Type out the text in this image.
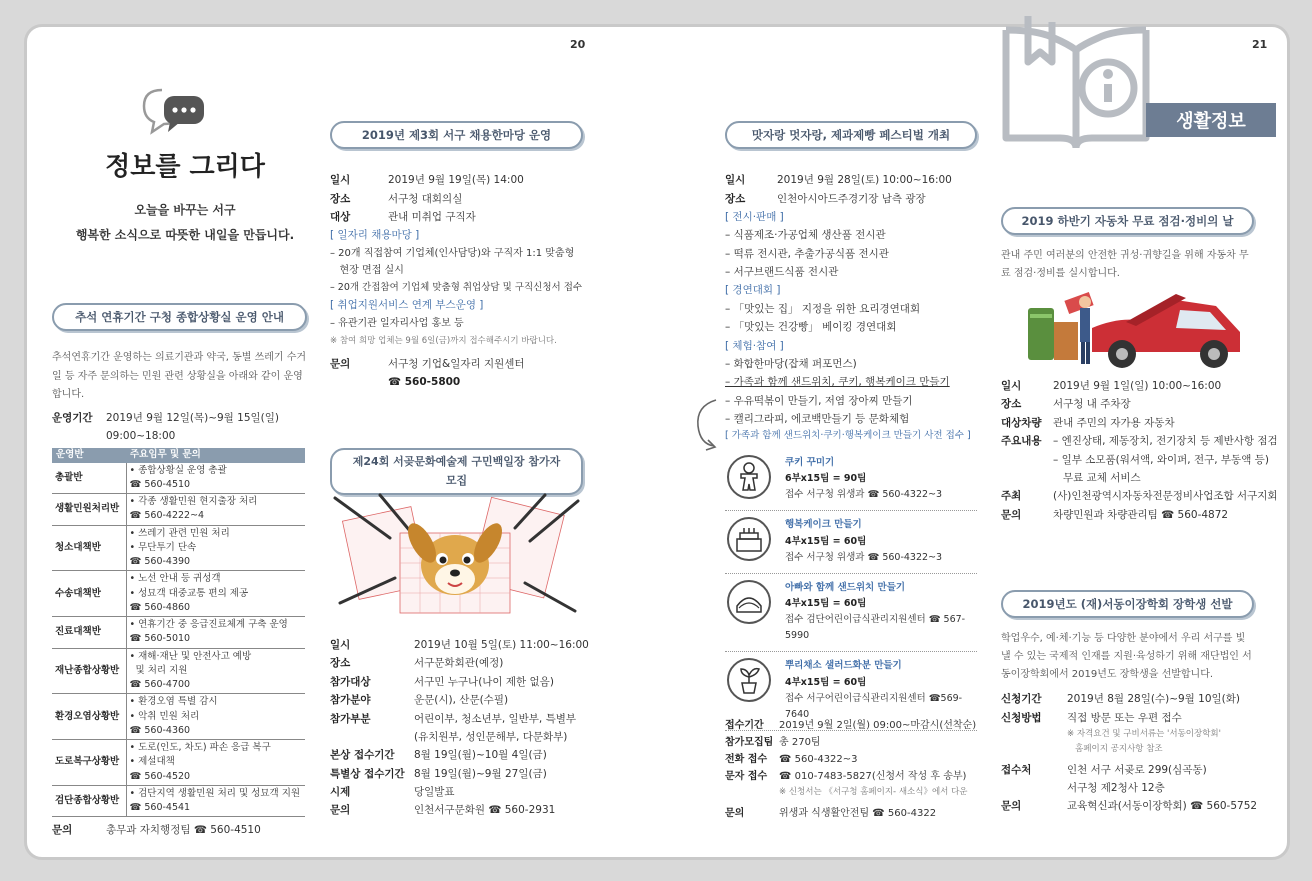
20	21
생활정보
정보를 그리다
오늘을 바꾸는 서구
행복한 소식으로 따뜻한 내일을 만듭니다.
추석 연휴기간 구청 종합상황실 운영 안내
추석연휴기간 운영하는 의료기관과 약국, 동별 쓰레기 수거일 등 자주 문의하는 민원 관련 상황실을 아래와 같이 운영합니다.
운영기간	2019년 9월 12일(목)~9월 15일(일)
09:00~18:00
운영반	주요임무 및 문의
총괄반	• 종합상황실 운영 총괄
☎ 560-4510

생활민원처리반	• 각종 생활민원 현지출장 처리
☎ 560-4222~4

청소대책반	• 쓰레기 관련 민원 처리
• 무단투기 단속
☎ 560-4390

수송대책반	• 노선 안내 등 귀성객
• 성묘객 대중교통 편의 제공
☎ 560-4860

진료대책반	• 연휴기간 중 응급진료체계 구축 운영
☎ 560-5010

재난종합상황반	• 재해·재난 및 안전사고 예방
및 처리 지원
☎ 560-4700

환경오염상황반	• 환경오염 특별 감시
• 악취 민원 처리
☎ 560-4360

도로복구상황반	• 도로(인도, 차도) 파손 응급 복구
• 제설대책
☎ 560-4520

검단종합상황반	• 검단지역 생활민원 처리 및 성묘객 지원
☎ 560-4541
문의	총무과 자치행정팀 ☎ 560-4510
2019년 제3회 서구 채용한마당 운영
일시	2019년 9월 19일(목) 14:00
장소	서구청 대회의실
대상	관내 미취업 구직자
[ 일자리 채용마당 ]
– 20개 직접참여 기업체(인사담당)와 구직자 1:1 맞춤형
현장 면접 실시
– 20개 간접참여 기업체 맞춤형 취업상담 및 구직신청서 접수
[ 취업지원서비스 연계 부스운영 ]
– 유관기관 일자리사업 홍보 등
※ 참여 희망 업체는 9월 6일(금)까지 접수해주시기 바랍니다.
문의	서구청 기업&일자리 지원센터
☎ 560-5800
제24회 서곶문화예술제 구민백일장 참가자 모집
일시	2019년 10월 5일(토) 11:00~16:00
장소	서구문화회관(예정)
참가대상	서구민 누구나(나이 제한 없음)
참가분야	운문(시), 산문(수필)
참가부분	어린이부, 청소년부, 일반부, 특별부
(유치원부, 성인문해부, 다문화부)
본상 접수기간	8월 19일(월)~10월 4일(금)
특별상 접수기간 8월 19일(월)~9월 27일(금)
시제	당일발표
문의	인천서구문화원 ☎ 560-2931
맛자랑 멋자랑, 제과제빵 페스티벌 개최
일시	2019년 9월 28일(토) 10:00~16:00
장소	인천아시아드주경기장 남측 광장
[ 전시·판매 ]
– 식품제조·가공업체 생산품 전시관
– 떡류 전시관, 추출가공식품 전시관
– 서구브랜드식품 전시관
[ 경연대회 ]
– 「맛있는 집」 지정을 위한 요리경연대회
– 「맛있는 건강빵」 베이킹 경연대회
[ 체험·참여 ]
– 화합한마당(잡채 퍼포먼스)
– 가족과 함께 샌드위치, 쿠키, 행복케이크 만들기
– 우유떡볶이 만들기, 저염 장아찌 만들기
– 캘리그라피, 에코백만들기 등 문화체험
[ 가족과 함께 샌드위치·쿠키·행복케이크 만들기 사전 접수 ]
쿠키 꾸미기
6부x15팀 = 90팀
접수 서구청 위생과 ☎ 560-4322~3
행복케이크 만들기
4부x15팀 = 60팀
접수 서구청 위생과 ☎ 560-4322~3
아빠와 함께 샌드위치 만들기
4부x15팀 = 60팀
접수 검단어린이급식관리지원센터 ☎ 567-5990
뿌리채소 샐러드화분 만들기
4부x15팀 = 60팀
접수 서구어린이급식관리지원센터 ☎569-7640
접수기간	2019년 9월 2일(월) 09:00~마감시(선착순)
참가모집팀 총 270팀
전화 접수	☎ 560-4322~3
문자 접수	☎ 010-7483-5827(신청서 작성 후 송부)
※ 신청서는 《서구청 홈페이지- 새소식》에서 다운
문의	위생과 식생활안전팀 ☎ 560-4322
2019 하반기 자동차 무료 점검·정비의 날
관내 주민 여러분의 안전한 귀성·귀향길을 위해 자동차 무료 점검·정비를 실시합니다.
일시	2019년 9월 1일(일) 10:00~16:00
장소	서구청 내 주차장
대상차량	관내 주민의 자가용 자동차
주요내용	– 엔진상태, 제동장치, 전기장치 등 제반사항 점검
– 일부 소모품(워셔액, 와이퍼, 전구, 부동액 등)
무료 교체 서비스
주최	(사)인천광역시자동차전문정비사업조합 서구지회
문의	차량민원과 차량관리팀 ☎ 560-4872
2019년도 (재)서동이장학회 장학생 선발
학업우수, 예·체·기능 등 다양한 분야에서 우리 서구를 빛낼 수 있는 국제적 인재를 지원·육성하기 위해 재단법인 서동이장학회에서 2019년도 장학생을 선발합니다.
신청기간	2019년 8월 28일(수)~9월 10일(화)
신청방법	직접 방문 또는 우편 접수
※ 자격요건 및 구비서류는 '서동이장학회'
홈페이지 공지사항 참조
접수처	인천 서구 서곶로 299(심곡동)
서구청 제2청사 12층
문의	교육혁신과(서동이장학회) ☎ 560-5752
